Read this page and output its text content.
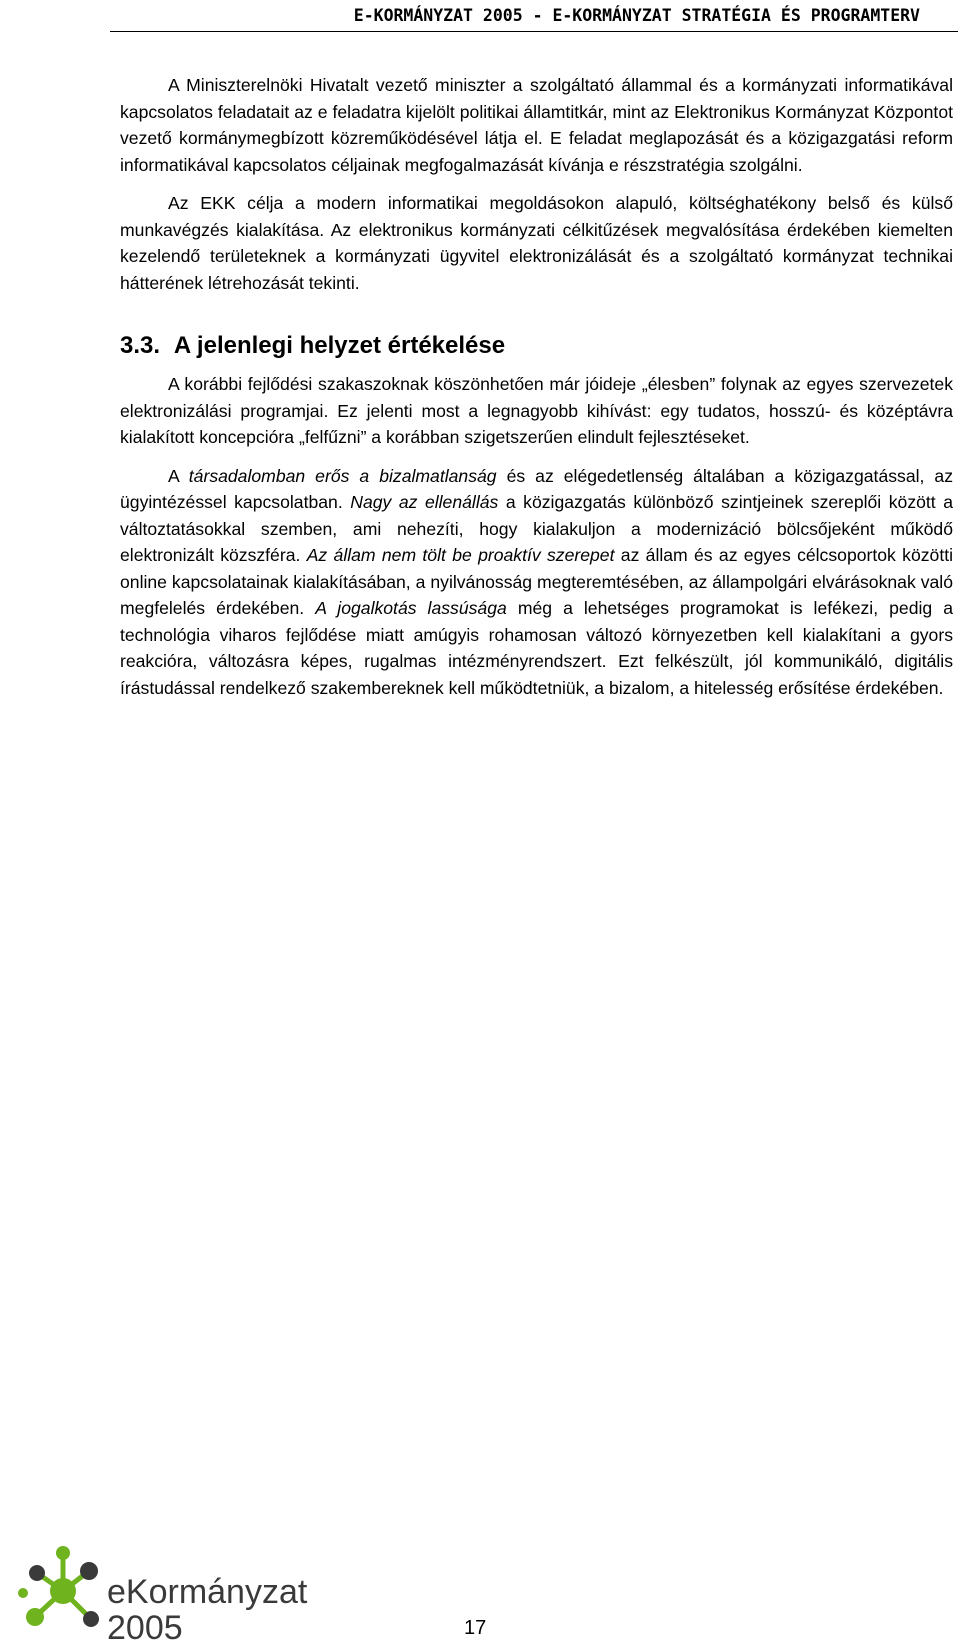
E-KORMÁNYZAT 2005 - E-KORMÁNYZAT STRATÉGIA ÉS PROGRAMTERV

A Miniszterelnöki Hivatalt vezető miniszter a szolgáltató állammal és a kormányzati informatikával kapcsolatos feladatait az e feladatra kijelölt politikai államtitkár, mint az Elektronikus Kormányzat Központot vezető kormánymegbízott közreműködésével látja el. E feladat meglapozását és a közigazgatási reform informatikával kapcsolatos céljainak megfogalmazását kívánja e részstratégia szolgálni.

Az EKK célja a modern informatikai megoldásokon alapuló, költséghatékony belső és külső munkavégzés kialakítása. Az elektronikus kormányzati célkitűzések megvalósítása érdekében kiemelten kezelendő területeknek a kormányzati ügyvitel elektronizálását és a szolgáltató kormányzat technikai hátterének létrehozását tekinti.

3.3. A jelenlegi helyzet értékelése

A korábbi fejlődési szakaszoknak köszönhetően már jóideje „élesben” folynak az egyes szervezetek elektronizálási programjai. Ez jelenti most a legnagyobb kihívást: egy tudatos, hosszú- és középtávra kialakított koncepcióra „felfűzni” a korábban szigetszerűen elindult fejlesztéseket.

A társadalomban erős a bizalmatlanság és az elégedetlenség általában a közigazgatással, az ügyintézéssel kapcsolatban. Nagy az ellenállás a közigazgatás különböző szintjeinek szereplői között a változtatásokkal szemben, ami nehezíti, hogy kialakuljon a modernizáció bölcsőjeként működő elektronizált közszféra. Az állam nem tölt be proaktív szerepet az állam és az egyes célcsoportok közötti online kapcsolatainak kialakításában, a nyilvánosság megteremtésében, az állampolgári elvárásoknak való megfelelés érdekében. A jogalkotás lassúsága még a lehetséges programokat is lefékezi, pedig a technológia viharos fejlődése miatt amúgyis rohamosan változó környezetben kell kialakítani a gyors reakcióra, változásra képes, rugalmas intézményrendszert. Ezt felkészült, jól kommunikáló, digitális írástudással rendelkező szakembereknek kell működtetniük, a bizalom, a hitelesség erősítése érdekében.

eKormányzat
2005	17
